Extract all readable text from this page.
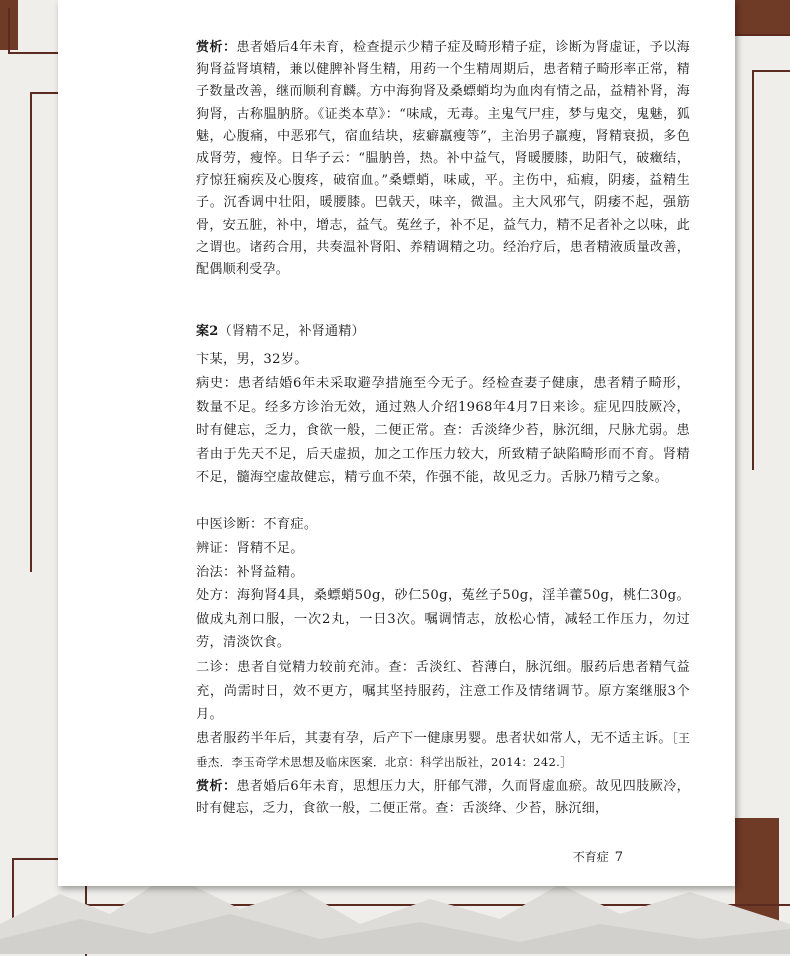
赏析：患者婚后4年未育，检查提示少精子症及畸形精子症，诊断为肾虚证，予以海狗肾益肾填精，兼以健脾补肾生精，用药一个生精周期后，患者精子畸形率正常，精子数量改善，继而顺利育麟。方中海狗肾及桑螵蛸均为血肉有情之品，益精补肾，海狗肾，古称腽肭脐。《证类本草》：“味咸，无毒。主鬼气尸疰，梦与鬼交，鬼魅，狐魅，心腹痛，中恶邪气，宿血结块，痃癖羸瘦等”，主治男子羸瘦，肾精衰损，多色成肾劳，瘦悴。日华子云：“腽肭兽，热。补中益气，肾暖腰膝，助阳气，破癥结，疗惊狂痫疾及心腹疼，破宿血。”桑螵蛸，味咸，平。主伤中，疝瘕，阴痿，益精生子。沉香调中壮阳，暖腰膝。巴戟天，味辛，微温。主大风邪气，阴痿不起，强筋骨，安五脏，补中，增志，益气。菟丝子，补不足，益气力，精不足者补之以味，此之谓也。诸药合用，共奏温补肾阳、养精调精之功。经治疗后，患者精液质量改善，配偶顺利受孕。

案2（肾精不足，补肾通精）

卞某，男，32岁。

病史：患者结婚6年未采取避孕措施至今无子。经检查妻子健康，患者精子畸形，数量不足。经多方诊治无效，通过熟人介绍1968年4月7日来诊。症见四肢厥冷，时有健忘，乏力，食欲一般，二便正常。查：舌淡绛少苔，脉沉细，尺脉尤弱。患者由于先天不足，后天虚损，加之工作压力较大，所致精子缺陷畸形而不育。肾精不足，髓海空虚故健忘，精亏血不荣，作强不能，故见乏力。舌脉乃精亏之象。

中医诊断：不育症。

辨证：肾精不足。

治法：补肾益精。

处方：海狗肾4具，桑螵蛸50g，砂仁50g，菟丝子50g，淫羊藿50g，桃仁30g。做成丸剂口服，一次2丸，一日3次。嘱调情志，放松心情，减轻工作压力，勿过劳，清淡饮食。

二诊：患者自觉精力较前充沛。查：舌淡红、苔薄白，脉沉细。服药后患者精气益充，尚需时日，效不更方，嘱其坚持服药，注意工作及情绪调节。原方案继服3个月。

患者服药半年后，其妻有孕，后产下一健康男婴。患者状如常人，无不适主诉。［王垂杰．李玉奇学术思想及临床医案．北京：科学出版社，2014：242.］

赏析：患者婚后6年未育，思想压力大，肝郁气滞，久而肾虚血瘀。故见四肢厥冷，时有健忘，乏力，食欲一般，二便正常。查：舌淡绛、少苔，脉沉细，

不育症 7
